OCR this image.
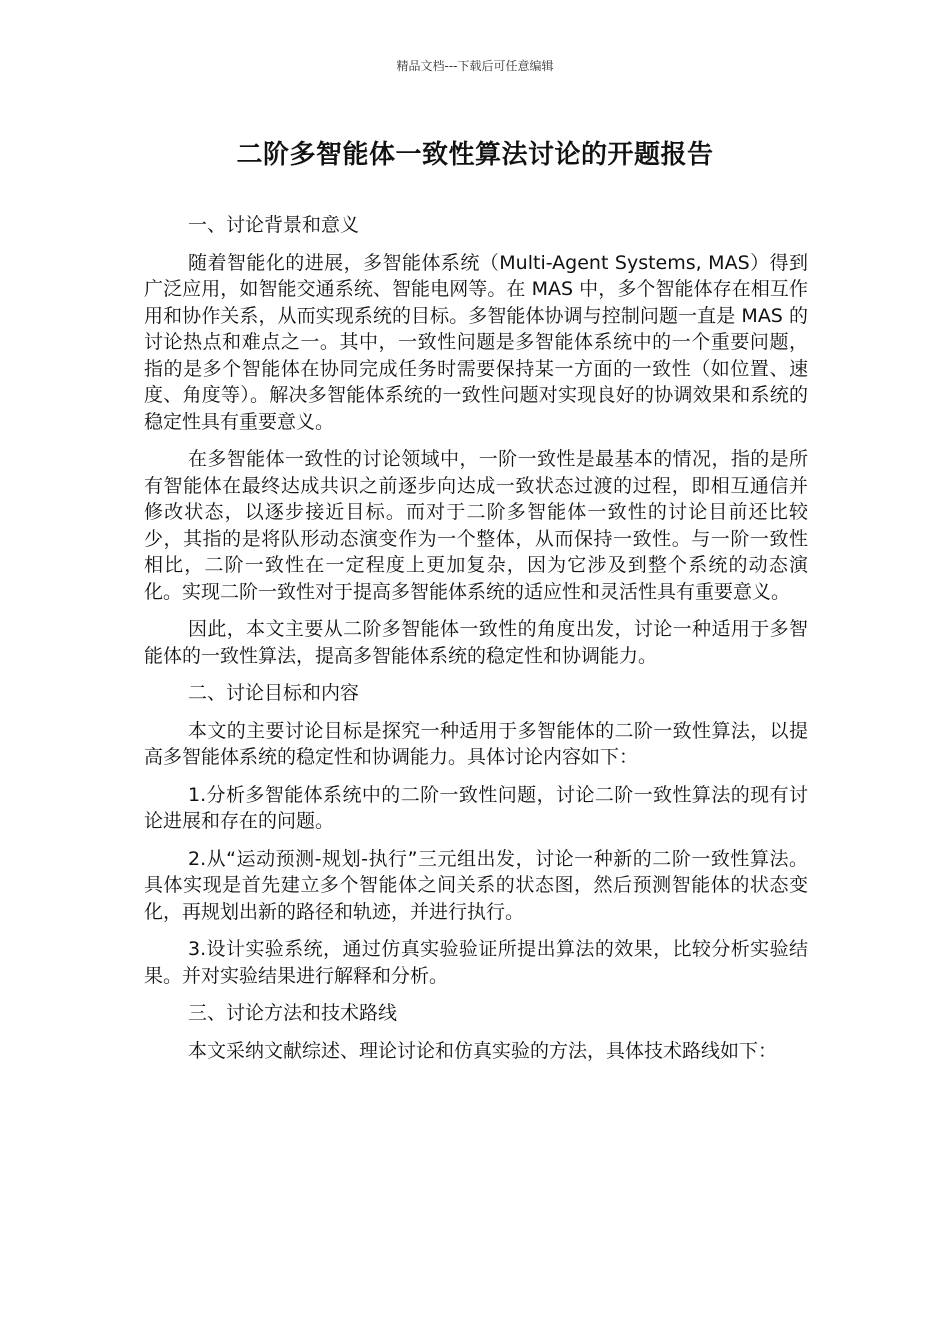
精品文档---下载后可任意编辑
二阶多智能体一致性算法讨论的开题报告

一、讨论背景和意义

随着智能化的进展，多智能体系统（Multi-Agent Systems, MAS）得到广泛应用，如智能交通系统、智能电网等。在 MAS 中，多个智能体存在相互作用和协作关系，从而实现系统的目标。多智能体协调与控制问题一直是 MAS 的讨论热点和难点之一。其中，一致性问题是多智能体系统中的一个重要问题，指的是多个智能体在协同完成任务时需要保持某一方面的一致性（如位置、速度、角度等）。解决多智能体系统的一致性问题对实现良好的协调效果和系统的稳定性具有重要意义。

在多智能体一致性的讨论领域中，一阶一致性是最基本的情况，指的是所有智能体在最终达成共识之前逐步向达成一致状态过渡的过程，即相互通信并修改状态，以逐步接近目标。而对于二阶多智能体一致性的讨论目前还比较少，其指的是将队形动态演变作为一个整体，从而保持一致性。与一阶一致性相比，二阶一致性在一定程度上更加复杂，因为它涉及到整个系统的动态演化。实现二阶一致性对于提高多智能体系统的适应性和灵活性具有重要意义。

因此，本文主要从二阶多智能体一致性的角度出发，讨论一种适用于多智能体的一致性算法，提高多智能体系统的稳定性和协调能力。

二、讨论目标和内容

本文的主要讨论目标是探究一种适用于多智能体的二阶一致性算法，以提高多智能体系统的稳定性和协调能力。具体讨论内容如下：

1.分析多智能体系统中的二阶一致性问题，讨论二阶一致性算法的现有讨论进展和存在的问题。

2.从“运动预测-规划-执行”三元组出发，讨论一种新的二阶一致性算法。具体实现是首先建立多个智能体之间关系的状态图，然后预测智能体的状态变化，再规划出新的路径和轨迹，并进行执行。

3.设计实验系统，通过仿真实验验证所提出算法的效果，比较分析实验结果。并对实验结果进行解释和分析。

三、讨论方法和技术路线

本文采纳文献综述、理论讨论和仿真实验的方法，具体技术路线如下：
